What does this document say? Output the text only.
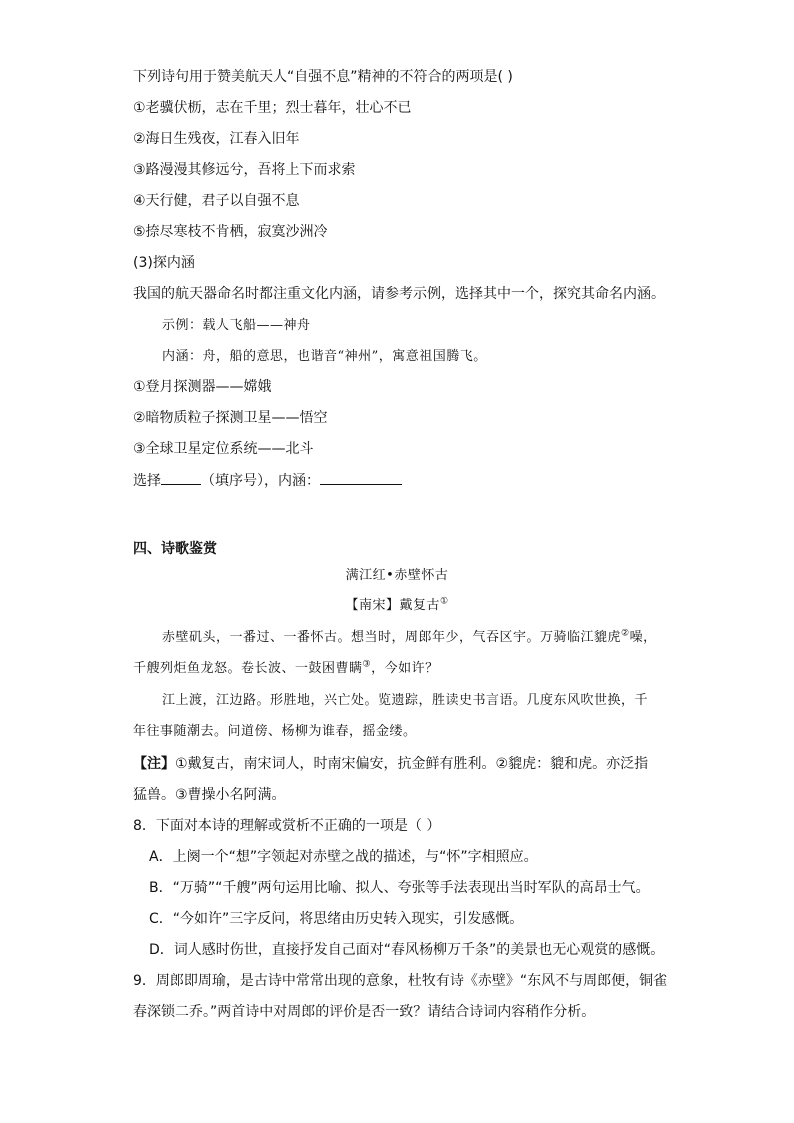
下列诗句用于赞美航天人“自强不息”精神的不符合的两项是( )
①老骥伏枥，志在千里；烈士暮年，壮心不已
②海日生残夜，江春入旧年
③路漫漫其修远兮，吾将上下而求索
④天行健，君子以自强不息
⑤捺尽寒枝不肯栖，寂寞沙洲冷
(3)探内涵
我国的航天器命名时都注重文化内涵，请参考示例，选择其中一个，探究其命名内涵。
示例：载人飞船——神舟
内涵：舟，船的意思，也谐音“神州”，寓意祖国腾飞。
①登月探测器——嫦娥
②暗物质粒子探测卫星——悟空
③全球卫星定位系统——北斗
选择	（填序号），内涵：
四、诗歌鉴赏
满江红•赤壁怀古
【南宋】戴复古①
赤壁矶头，一番过、一番怀古。想当时，周郎年少，气吞区宇。万骑临江貔虎②噪，
千艘列炬鱼龙怒。卷长波、一鼓困曹瞒③，今如许？
江上渡，江边路。形胜地，兴亡处。览遗踪，胜读史书言语。几度东风吹世换，千
年往事随潮去。问道傍、杨柳为谁春，摇金缕。
【注】①戴复古，南宋词人，时南宋偏安，抗金鲜有胜利。②貔虎：貔和虎。亦泛指
猛兽。③曹操小名阿满。
8．下面对本诗的理解或赏析不正确的一项是（ ）
A．上阕一个“想”字领起对赤壁之战的描述，与“怀”字相照应。
B．“万骑”“千艘”两句运用比喻、拟人、夸张等手法表现出当时军队的高昂士气。
C．“今如许”三字反问，将思绪由历史转入现实，引发感慨。
D．词人感时伤世，直接抒发自己面对“春风杨柳万千条”的美景也无心观赏的感慨。
9．周郎即周瑜，是古诗中常常出现的意象，杜牧有诗《赤壁》“东风不与周郎便，铜雀
春深锁二乔。”两首诗中对周郎的评价是否一致？请结合诗词内容稍作分析。
